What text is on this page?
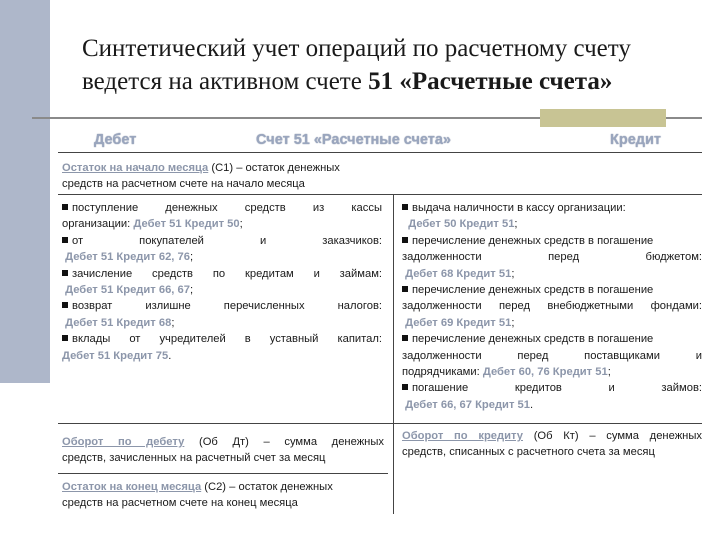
Синтетический учет операций по расчетному счету
ведется на активном счете 51 «Расчетные счета»
Дебет	Счет 51 «Расчетные счета»	Кредит
Остаток на начало месяца (С1) – остаток денежных
средств на расчетном счете на начало месяца
поступление денежных средств из кассы
организации: Дебет 51 Кредит 50;
от покупателей и заказчиков:
Дебет 51 Кредит 62, 76;
зачисление средств по кредитам и займам:
Дебет 51 Кредит 66, 67;
возврат излишне перечисленных налогов:
Дебет 51 Кредит 68;
вклады от учредителей в уставный капитал:
Дебет 51 Кредит 75.
выдача наличности в кассу организации:
Дебет 50 Кредит 51;
перечисление денежных средств в погашение
задолженности перед бюджетом:
Дебет 68 Кредит 51;
перечисление денежных средств в погашение
задолженности перед внебюджетными фондами:
Дебет 69 Кредит 51;
перечисление денежных средств в погашение
задолженности перед поставщиками и
подрядчиками: Дебет 60, 76 Кредит 51;
погашение кредитов и займов:
Дебет 66, 67 Кредит 51.
Оборот по дебету (Об Дт) – сумма денежных
средств, зачисленных на расчетный счет за месяц
Оборот по кредиту (Об Кт) – сумма денежных
средств, списанных с расчетного счета за месяц
Остаток на конец месяца (С2) – остаток денежных
средств на расчетном счете на конец месяца
